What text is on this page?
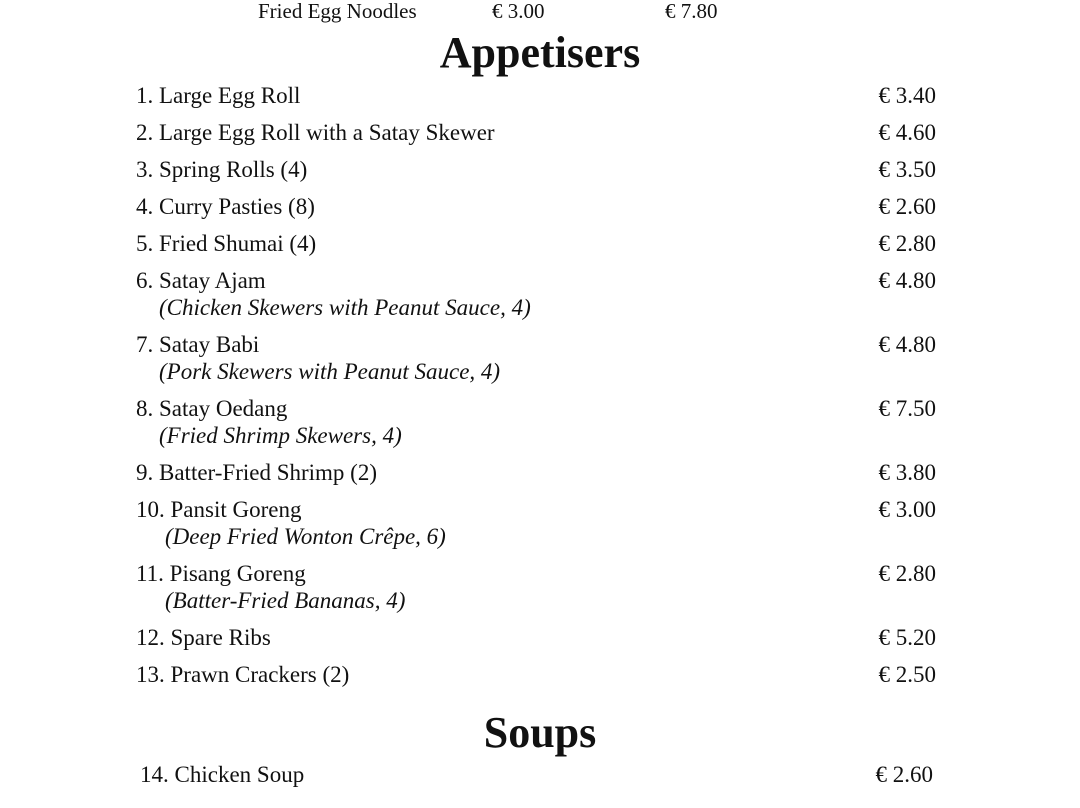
Fried Egg Noodles	€ 3.00	€ 7.80
Appetisers
1. Large Egg Roll	€ 3.40
2. Large Egg Roll with a Satay Skewer	€ 4.60
3. Spring Rolls (4)	€ 3.50
4. Curry Pasties (8)	€ 2.60
5. Fried Shumai (4)	€ 2.80
6. Satay Ajam	€ 4.80
(Chicken Skewers with Peanut Sauce, 4)
7. Satay Babi	€ 4.80
(Pork Skewers with Peanut Sauce, 4)
8. Satay Oedang	€ 7.50
(Fried Shrimp Skewers, 4)
9. Batter-Fried Shrimp (2)	€ 3.80
10. Pansit Goreng	€ 3.00
(Deep Fried Wonton Crêpe, 6)
11. Pisang Goreng	€ 2.80
(Batter-Fried Bananas, 4)
12. Spare Ribs	€ 5.20
13. Prawn Crackers (2)	€ 2.50
Soups
14. Chicken Soup	€ 2.60
